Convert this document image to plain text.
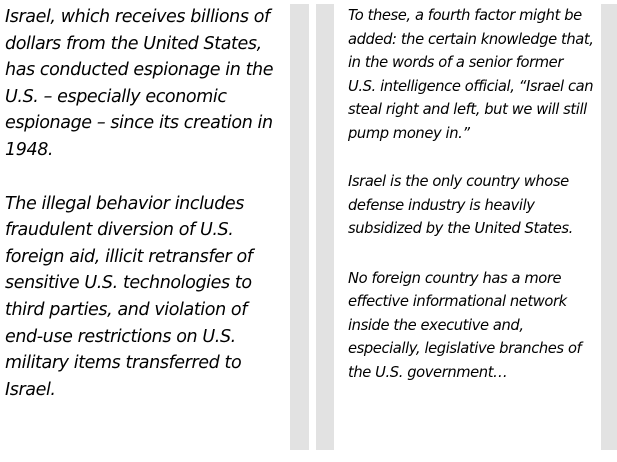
Israel, which receives billions of dollars from the United States, has conducted espionage in the U.S. – especially economic espionage – since its creation in 1948.

The illegal behavior includes fraudulent diversion of U.S. foreign aid, illicit retransfer of sensitive U.S. technologies to third parties, and violation of end-use restrictions on U.S. military items transferred to Israel.

To these, a fourth factor might be added: the certain knowledge that, in the words of a senior former U.S. intelligence official, “Israel can steal right and left, but we will still pump money in.”

Israel is the only country whose defense industry is heavily subsidized by the United States.

No foreign country has a more effective informational network inside the executive and, especially, legislative branches of the U.S. government…
